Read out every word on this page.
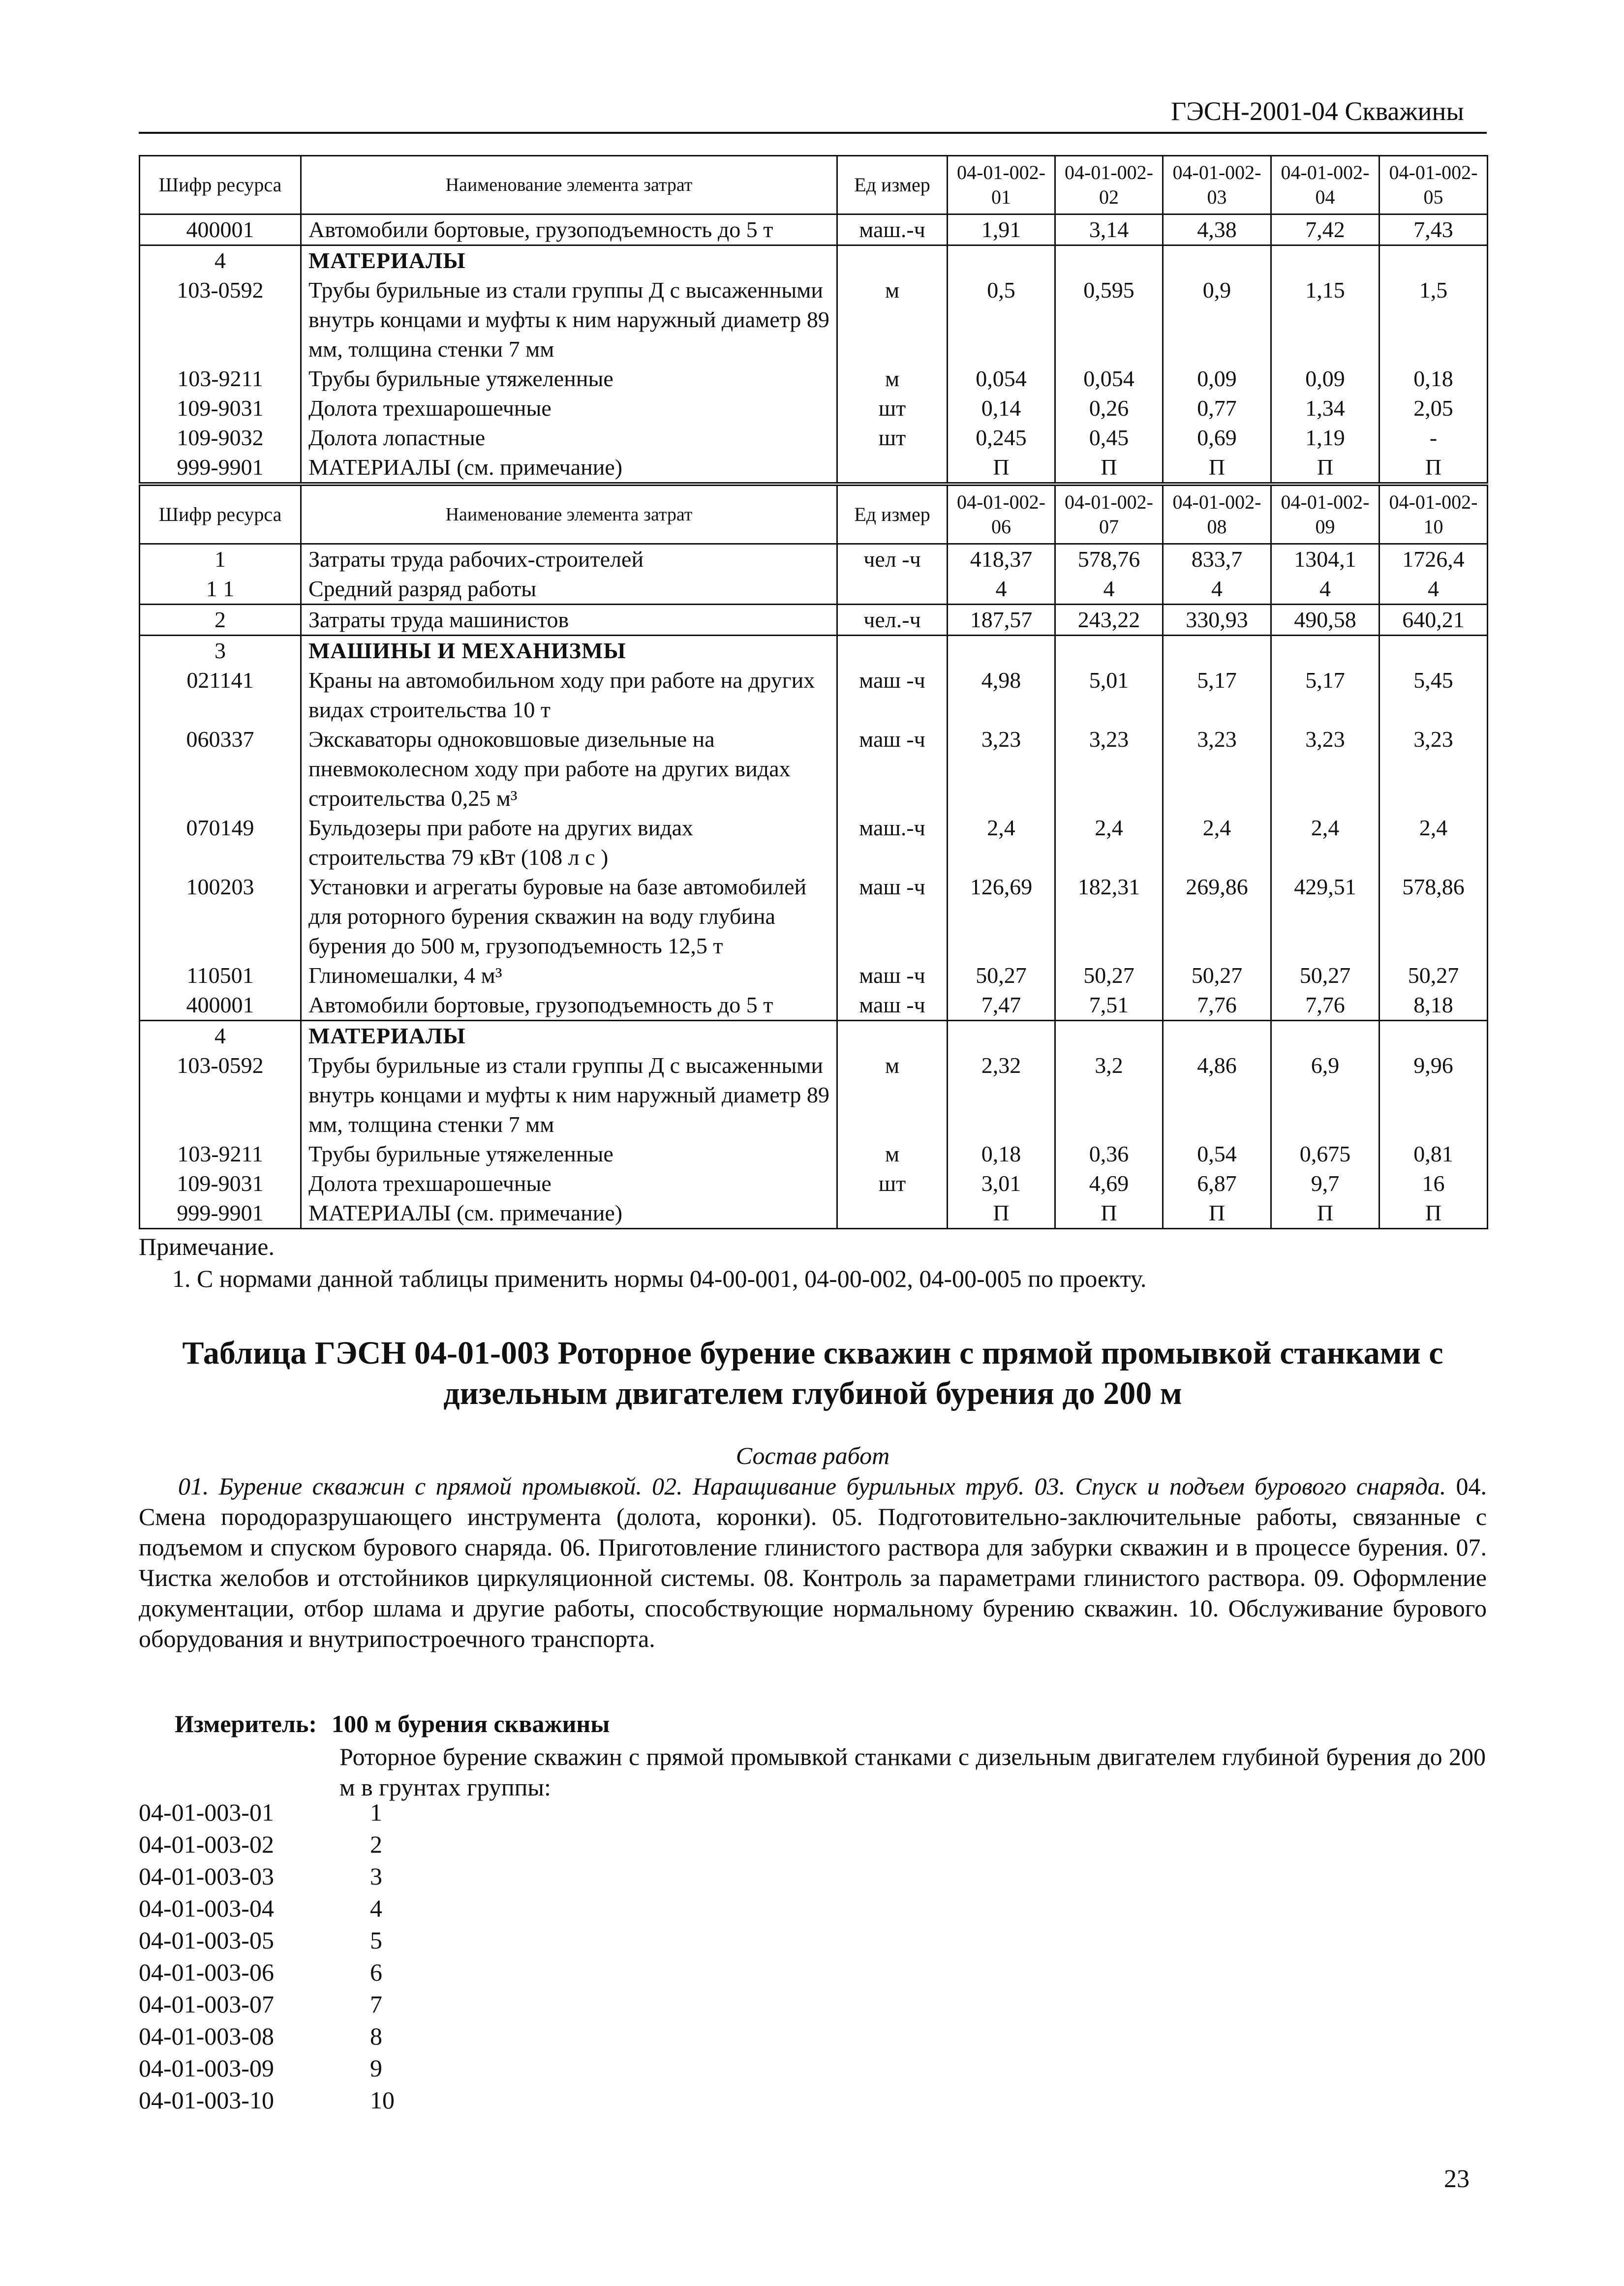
ГЭСН-2001-04 Скважины
Шифр ресурса	Наименование элемента затрат	Ед измер	04-01-002-01	04-01-002-02	04-01-002-03	04-01-002-04	04-01-002-05
400001	Автомобили бортовые, грузоподъемность до 5 т	маш.-ч	1,91	3,14	4,38	7,42	7,43
4	МАТЕРИАЛЫ						
103-0592	Трубы бурильные из стали группы Д с высаженными внутрь концами и муфты к ним наружный диаметр 89 мм, толщина стенки 7 мм	м	0,5	0,595	0,9	1,15	1,5
103-9211	Трубы бурильные утяжеленные	м	0,054	0,054	0,09	0,09	0,18
109-9031	Долота трехшарошечные	шт	0,14	0,26	0,77	1,34	2,05
109-9032	Долота лопастные	шт	0,245	0,45	0,69	1,19	-
999-9901	МАТЕРИАЛЫ (см. примечание)		П	П	П	П	П
Шифр ресурса	Наименование элемента затрат	Ед измер	04-01-002-06	04-01-002-07	04-01-002-08	04-01-002-09	04-01-002-10
1	Затраты труда рабочих-строителей	чел -ч	418,37	578,76	833,7	1304,1	1726,4
1 1	Средний разряд работы		4	4	4	4	4
2	Затраты труда машинистов	чел.-ч	187,57	243,22	330,93	490,58	640,21
3	МАШИНЫ И МЕХАНИЗМЫ						
021141	Краны на автомобильном ходу при работе на других видах строительства 10 т	маш -ч	4,98	5,01	5,17	5,17	5,45
060337	Экскаваторы одноковшовые дизельные на пневмоколесном ходу при работе на других видах строительства 0,25 м³	маш -ч	3,23	3,23	3,23	3,23	3,23
070149	Бульдозеры при работе на других видах строительства 79 кВт (108 л с )	маш.-ч	2,4	2,4	2,4	2,4	2,4
100203	Установки и агрегаты буровые на базе автомобилей для роторного бурения скважин на воду глубина бурения до 500 м, грузоподъемность 12,5 т	маш -ч	126,69	182,31	269,86	429,51	578,86
110501	Глиномешалки, 4 м³	маш -ч	50,27	50,27	50,27	50,27	50,27
400001	Автомобили бортовые, грузоподъемность до 5 т	маш -ч	7,47	7,51	7,76	7,76	8,18
4	МАТЕРИАЛЫ						
103-0592	Трубы бурильные из стали группы Д с высаженными внутрь концами и муфты к ним наружный диаметр 89 мм, толщина стенки 7 мм	м	2,32	3,2	4,86	6,9	9,96
103-9211	Трубы бурильные утяжеленные	м	0,18	0,36	0,54	0,675	0,81
109-9031	Долота трехшарошечные	шт	3,01	4,69	6,87	9,7	16
999-9901	МАТЕРИАЛЫ (см. примечание)		П	П	П	П	П
Примечание.
1. С нормами данной таблицы применить нормы 04-00-001, 04-00-002, 04-00-005 по проекту.
Таблица ГЭСН 04-01-003 Роторное бурение скважин с прямой промывкой станками с дизельным двигателем глубиной бурения до 200 м
Состав работ
01. Бурение скважин с прямой промывкой. 02. Наращивание бурильных труб. 03. Спуск и подъем бурового снаряда. 04. Смена породоразрушающего инструмента (долота, коронки). 05. Подготовительно-заключительные работы, связанные с подъемом и спуском бурового снаряда. 06. Приготовление глинистого раствора для забурки скважин и в процессе бурения. 07. Чистка желобов и отстойников циркуляционной системы. 08. Контроль за параметрами глинистого раствора. 09. Оформление документации, отбор шлама и другие работы, способствующие нормальному бурению скважин. 10. Обслуживание бурового оборудования и внутрипостроечного транспорта.
Измеритель: 100 м бурения скважины
Роторное бурение скважин с прямой промывкой станками с дизельным двигателем глубиной бурения до 200 м в грунтах группы:
04-01-003-01	1
04-01-003-02	2
04-01-003-03	3
04-01-003-04	4
04-01-003-05	5
04-01-003-06	6
04-01-003-07	7
04-01-003-08	8
04-01-003-09	9
04-01-003-10	10
23
